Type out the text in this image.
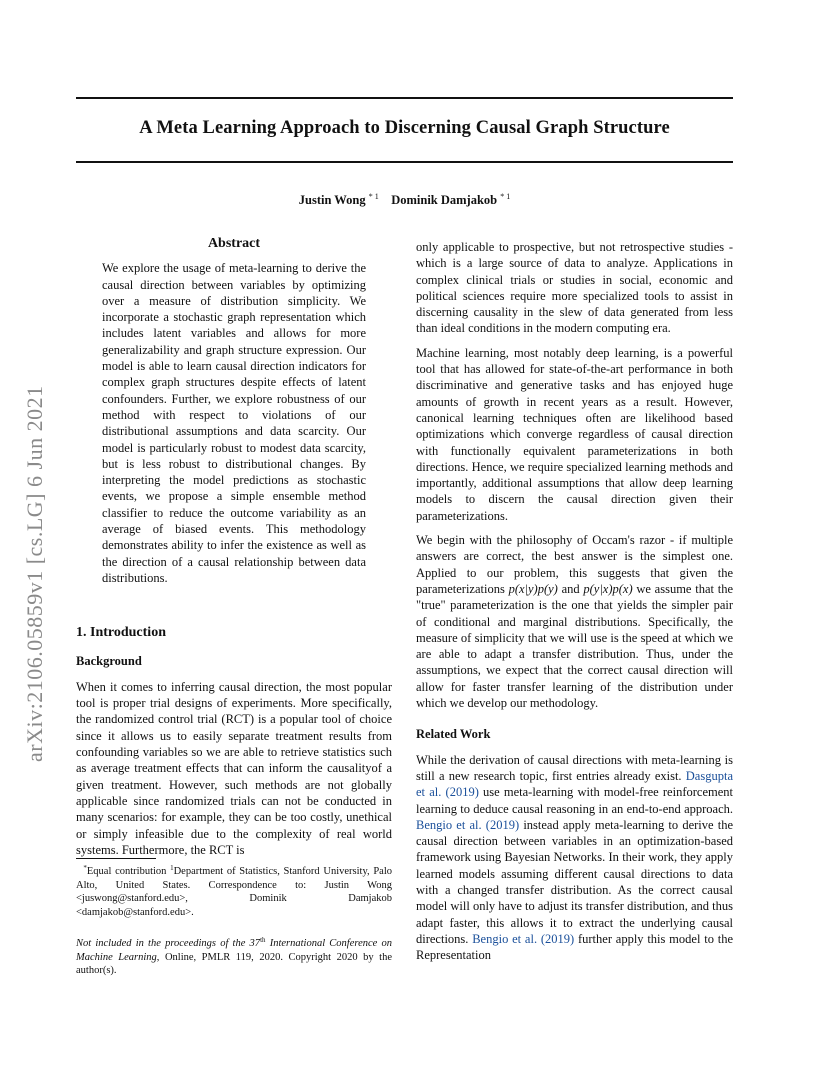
A Meta Learning Approach to Discerning Causal Graph Structure
Justin Wong $^{* 1}$ Dominik Damjakob $^{* 1}$
arXiv:2106.05859v1 [cs.LG] 6 Jun 2021
Abstract

We explore the usage of meta-learning to derive the causal direction between variables by optimizing over a measure of distribution simplicity. We incorporate a stochastic graph representation which includes latent variables and allows for more generalizability and graph structure expression. Our model is able to learn causal direction indicators for complex graph structures despite effects of latent confounders. Further, we explore robustness of our method with respect to violations of our distributional assumptions and data scarcity. Our model is particularly robust to modest data scarcity, but is less robust to distributional changes. By interpreting the model predictions as stochastic events, we propose a simple ensemble method classifier to reduce the outcome variability as an average of biased events. This methodology demonstrates ability to infer the existence as well as the direction of a causal relationship between data distributions.

1. Introduction
Background

When it comes to inferring causal direction, the most popular tool is proper trial designs of experiments. More specifically, the randomized control trial (RCT) is a popular tool of choice since it allows us to easily separate treatment results from confounding variables so we are able to retrieve statistics such as average treatment effects that can inform the causalityof a given treatment. However, such methods are not globally applicable since randomized trials can not be conducted in many scenarios: for example, they can be too costly, unethical or simply infeasible due to the complexity of real world systems. Furthermore, the RCT is

only applicable to prospective, but not retrospective studies - which is a large source of data to analyze. Applications in complex clinical trials or studies in social, economic and political sciences require more specialized tools to assist in discerning causality in the slew of data generated from less than ideal conditions in the modern computing era.

Machine learning, most notably deep learning, is a powerful tool that has allowed for state-of-the-art performance in both discriminative and generative tasks and has enjoyed huge amounts of growth in recent years as a result. However, canonical learning techniques often are likelihood based optimizations which converge regardless of causal direction with functionally equivalent parameterizations in both directions. Hence, we require specialized learning methods and importantly, additional assumptions that allow deep learning models to discern the causal direction given their parameterizations.

We begin with the philosophy of Occam's razor - if multiple answers are correct, the best answer is the simplest one. Applied to our problem, this suggests that given the parameterizations p(x|y)p(y) and p(y|x)p(x) we assume that the "true" parameterization is the one that yields the simpler pair of conditional and marginal distributions. Specifically, the measure of simplicity that we will use is the speed at which we are able to adapt a transfer distribution. Thus, under the assumptions, we expect that the correct causal direction will allow for faster transfer learning of the distribution under which we develop our methodology.

Related Work

While the derivation of causal directions with meta-learning is still a new research topic, first entries already exist. Dasgupta et al. (2019) use meta-learning with model-free reinforcement learning to deduce causal reasoning in an end-to-end approach. Bengio et al. (2019) instead apply meta-learning to derive the causal direction between variables in an optimization-based framework using Bayesian Networks. In their work, they apply learned models assuming different causal directions to data with a changed transfer distribution. As the correct causal model will only have to adjust its transfer distribution, and thus adapt faster, this allows it to extract the underlying causal directions. Bengio et al. (2019) further apply this model to the Representation

*Equal contribution $^1$Department of Statistics, Stanford University, Palo Alto, United States. Correspondence to: Justin Wong <juswong@stanford.edu>, Dominik Damjakob <damjakob@stanford.edu>.

Not included in the proceedings of the 37th International Conference on Machine Learning, Online, PMLR 119, 2020. Copyright 2020 by the author(s).
